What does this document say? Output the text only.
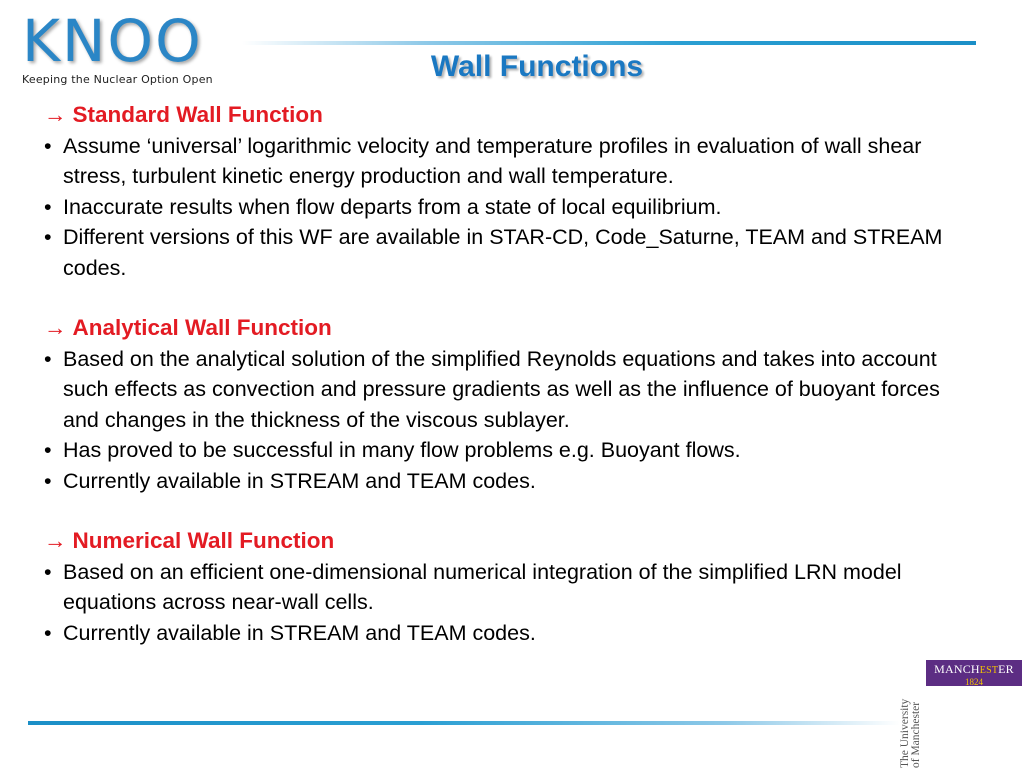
KNOO
Keeping the Nuclear Option Open	Wall Functions

→ Standard Wall Function

• Assume ‘universal’ logarithmic velocity and temperature profiles in evaluation of wall shear stress, turbulent kinetic energy production and wall temperature.
• Inaccurate results when flow departs from a state of local equilibrium.
• Different versions of this WF are available in STAR-CD, Code_Saturne, TEAM and STREAM codes.

→ Analytical Wall Function

• Based on the analytical solution of the simplified Reynolds equations and takes into account such effects as convection and pressure gradients as well as the influence of buoyant forces and changes in the thickness of the viscous sublayer.
• Has proved to be successful in many flow problems e.g. Buoyant flows.
• Currently available in STREAM and TEAM codes.

→ Numerical Wall Function

• Based on an efficient one-dimensional numerical integration of the simplified LRN model equations across near-wall cells.
• Currently available in STREAM and TEAM codes.
MANCHESTER
1824
The University of Manchester
